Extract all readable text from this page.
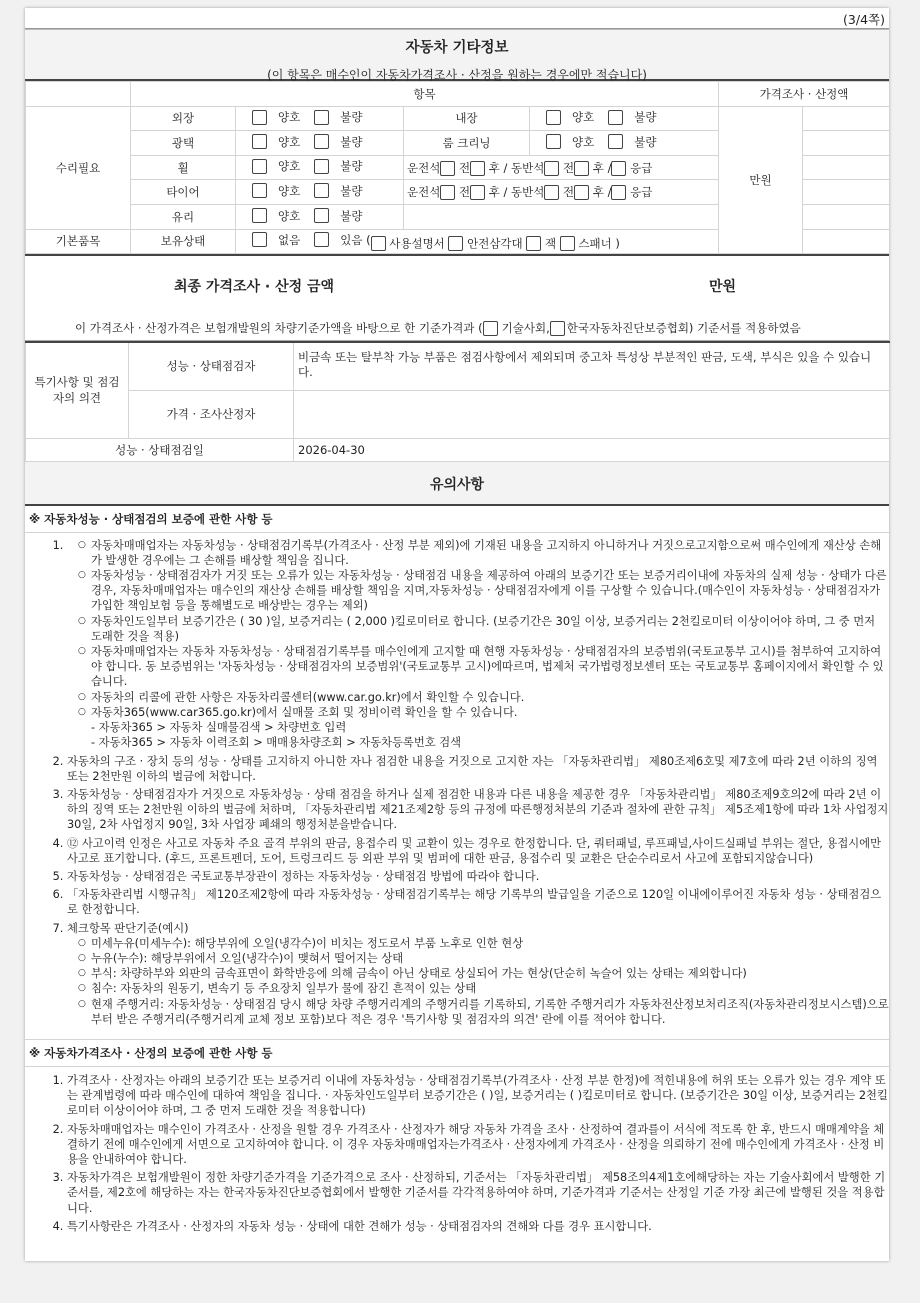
(3/4쪽)
자동차 기타정보
(이 항목은 매수인이 자동차가격조사 · 산정을 원하는 경우에만 적습니다)
	항목				가격조사 · 산정액	
수리필요	외장	양호 불량	내장	양호 불량	만원	
	광택	양호 불량	룸 크리닝	양호 불량		

	휠	양호 불량	운전석 전 후 / 동반석 전 후 / 응급			
	타이어	양호 불량	운전석 전 후 / 동반석 전 후 / 응급			
	유리	양호 불량				

기본품목	보유상태	없음 있음 ( 사용설명서 안전삼각대 잭 스패너 )				
최종 가격조사 · 산정 금액	만원
이 가격조사 · 산정가격은 보험개발원의 차량기준가액을 바탕으로 한 기준가격과 ( 기술사회, 한국자동차진단보증협회) 기준서를 적용하였음
특기사항 및 점검자의 의견	성능 · 상태점검자	비금속 또는 탈부착 가능 부품은 점검사항에서 제외되며 중고차 특성상 부분적인 판금, 도색, 부식은 있을 수 있습니다.
	가격 · 조사산정자	
성능 · 상태점검일		2026-04-30
유의사항
※ 자동차성능 · 상태점검의 보증에 관한 사항 등
○ 1. 자동차매매업자는 자동차성능 · 상태점검기록부(가격조사 · 산정 부분 제외)에 기재된 내용을 고지하지 아니하거나 거짓으로고지함으로써 매수인에게 재산상 손해가 발생한 경우에는 그 손해를 배상할 책임을 집니다.
○ 자동차성능 · 상태점검자가 거짓 또는 오류가 있는 자동차성능 · 상태점검 내용을 제공하여 아래의 보증기간 또는 보증거리이내에 자동차의 실제 성능 · 상태가 다른 경우, 자동차매매업자는 매수인의 재산상 손해를 배상할 책임을 지며,자동차성능 · 상태점검자에게 이를 구상할 수 있습니다.(매수인이 자동차성능 · 상태점검자가 가입한 책임보험 등을 통해별도로 배상받는 경우는 제외)
○ 자동차인도일부터 보증기간은 ( 30 )일, 보증거리는 ( 2,000 )킬로미터로 합니다. (보증기간은 30일 이상, 보증거리는 2천킬로미터 이상이어야 하며, 그 중 먼저 도래한 것을 적용)
○ 자동차매매업자는 자동차 자동차성능 · 상태점검기록부를 매수인에게 고지할 때 현행 자동차성능 · 상태점검자의 보증범위(국토교통부 고시)를 첨부하여 고지하여야 합니다. 동 보증범위는 '자동차성능 · 상태점검자의 보증범위'(국토교통부 고시)에따르며, 법제처 국가법령정보센터 또는 국토교통부 홈페이지에서 확인할 수 있습니다.
○ 자동차의 리콜에 관한 사항은 자동차리콜센터(www.car.go.kr)에서 확인할 수 있습니다.
○ 자동차365(www.car365.go.kr)에서 실매물 조회 및 정비이력 확인을 할 수 있습니다.
- 자동차365 > 자동차 실매물검색 > 차량번호 입력
- 자동차365 > 자동차 이력조회 > 매매용차량조회 > 자동차등록번호 검색
2. 자동차의 구조 · 장치 등의 성능 · 상태를 고지하지 아니한 자나 점검한 내용을 거짓으로 고지한 자는 「자동차관리법」 제80조제6호및 제7호에 따라 2년 이하의 징역 또는 2천만원 이하의 벌금에 처합니다.
3. 자동차성능 · 상태점검자가 거짓으로 자동차성능 · 상태 점검을 하거나 실제 점검한 내용과 다른 내용을 제공한 경우 「자동차관리법」 제80조제9호의2에 따라 2년 이하의 징역 또는 2천만원 이하의 벌금에 처하며, 「자동차관리법 제21조제2항 등의 규정에 따른행정처분의 기준과 절차에 관한 규칙」 제5조제1항에 따라 1차 사업정지 30일, 2차 사업정지 90일, 3차 사업장 폐쇄의 행정처분을받습니다.
4. ⑫ 사고이력 인정은 사고로 자동차 주요 골격 부위의 판금, 용접수리 및 교환이 있는 경우로 한정합니다. 단, 쿼터패널, 루프패널,사이드실패널 부위는 절단, 용접시에만 사고로 표기합니다. (후드, 프론트펜더, 도어, 트렁크리드 등 외판 부위 및 범퍼에 대한 판금, 용접수리 및 교환은 단순수리로서 사고에 포함되지않습니다)
5. 자동차성능 · 상태점검은 국토교통부장관이 정하는 자동차성능 · 상태점검 방법에 따라야 합니다.
6. 「자동차관리법 시행규칙」 제120조제2항에 따라 자동차성능 · 상태점검기록부는 해당 기록부의 발급일을 기준으로 120일 이내에이루어진 자동차 성능 · 상태점검으로 한정합니다.
7. 체크항목 판단기준(예시)
○ 미세누유(미세누수): 해당부위에 오일(냉각수)이 비치는 정도로서 부품 노후로 인한 현상
○ 누유(누수): 해당부위에서 오일(냉각수)이 맺혀서 떨어지는 상태
○ 부식: 차량하부와 외판의 금속표면이 화학반응에 의해 금속이 아닌 상태로 상실되어 가는 현상(단순히 녹슬어 있는 상태는 제외합니다)
○ 침수: 자동차의 원동기, 변속기 등 주요장치 일부가 물에 잠긴 흔적이 있는 상태
○ 현재 주행거리: 자동차성능 · 상태점검 당시 해당 차량 주행거리계의 주행거리를 기록하되, 기록한 주행거리가 자동차전산정보처리조직(자동차관리정보시스템)으로부터 받은 주행거리(주행거리계 교체 정보 포함)보다 적은 경우 '특기사항 및 점검자의 의견' 란에 이를 적어야 합니다.
※ 자동차가격조사 · 산정의 보증에 관한 사항 등
1. 가격조사 · 산정자는 아래의 보증기간 또는 보증거리 이내에 자동차성능 · 상태점검기록부(가격조사 · 산정 부분 한정)에 적힌내용에 허위 또는 오류가 있는 경우 계약 또는 관계법령에 따라 매수인에 대하여 책임을 집니다. · 자동차인도일부터 보증기간은 ( )일, 보증거리는 ( )킬로미터로 합니다. (보증기간은 30일 이상, 보증거리는 2천킬로미터 이상이어야 하며, 그 중 먼저 도래한 것을 적용합니다)
2. 자동차매매업자는 매수인이 가격조사 · 산정을 원할 경우 가격조사 · 산정자가 해당 자동차 가격을 조사 · 산정하여 결과를이 서식에 적도록 한 후, 반드시 매매계약을 체결하기 전에 매수인에게 서면으로 고지하여야 합니다. 이 경우 자동차매매업자는가격조사 · 산정자에게 가격조사 · 산정을 의뢰하기 전에 매수인에게 가격조사 · 산정 비용을 안내하여야 합니다.
3. 자동차가격은 보험개발원이 정한 차량기준가격을 기준가격으로 조사 · 산정하되, 기준서는 「자동차관리법」 제58조의4제1호에해당하는 자는 기술사회에서 발행한 기준서를, 제2호에 해당하는 자는 한국자동차진단보증협회에서 발행한 기준서를 각각적용하여야 하며, 기준가격과 기준서는 산정일 기준 가장 최근에 발행된 것을 적용합니다.
4. 특기사항란은 가격조사 · 산정자의 자동차 성능 · 상태에 대한 견해가 성능 · 상태점검자의 견해와 다를 경우 표시합니다.
